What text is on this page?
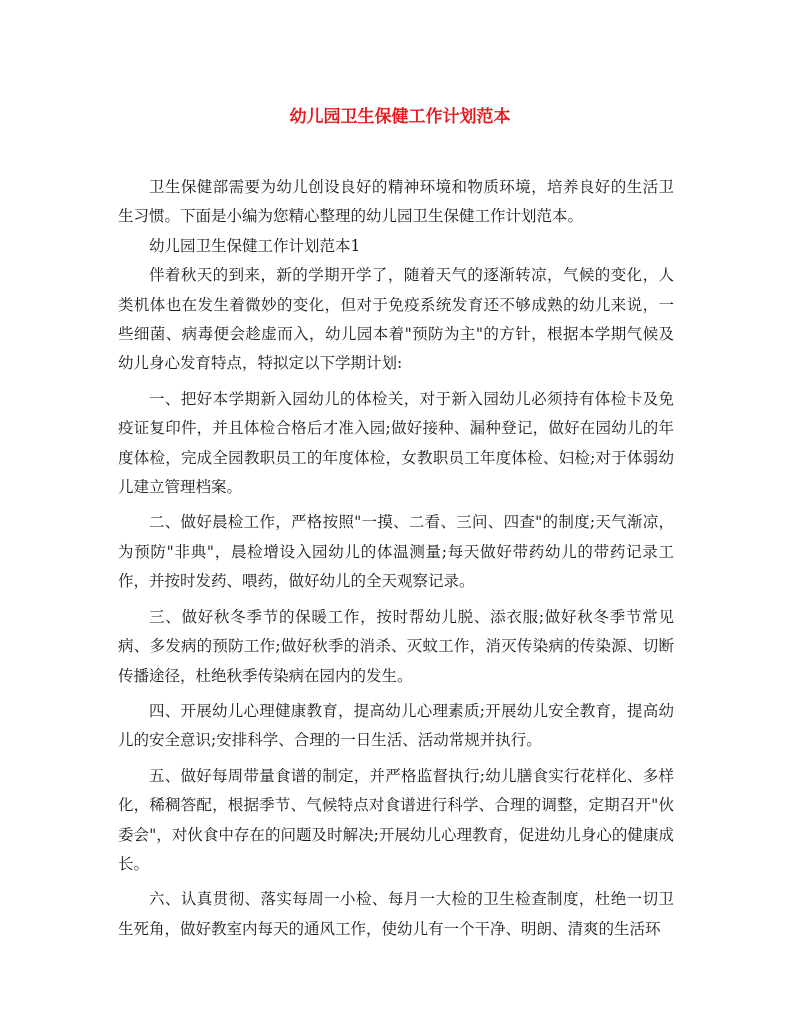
幼儿园卫生保健工作计划范本

卫生保健部需要为幼儿创设良好的精神环境和物质环境，培养良好的生活卫生习惯。下面是小编为您精心整理的幼儿园卫生保健工作计划范本。

幼儿园卫生保健工作计划范本1

伴着秋天的到来，新的学期开学了，随着天气的逐渐转凉，气候的变化，人类机体也在发生着微妙的变化，但对于免疫系统发育还不够成熟的幼儿来说，一些细菌、病毒便会趁虚而入，幼儿园本着"预防为主"的方针，根据本学期气候及幼儿身心发育特点，特拟定以下学期计划:

一、把好本学期新入园幼儿的体检关，对于新入园幼儿必须持有体检卡及免疫证复印件，并且体检合格后才准入园;做好接种、漏种登记，做好在园幼儿的年度体检，完成全园教职员工的年度体检，女教职员工年度体检、妇检;对于体弱幼儿建立管理档案。

二、做好晨检工作，严格按照"一摸、二看、三问、四查"的制度;天气渐凉，为预防"非典"，晨检增设入园幼儿的体温测量;每天做好带药幼儿的带药记录工作，并按时发药、喂药，做好幼儿的全天观察记录。

三、做好秋冬季节的保暖工作，按时帮幼儿脱、添衣服;做好秋冬季节常见病、多发病的预防工作;做好秋季的消杀、灭蚊工作，消灭传染病的传染源、切断传播途径，杜绝秋季传染病在园内的发生。

四、开展幼儿心理健康教育，提高幼儿心理素质;开展幼儿安全教育，提高幼儿的安全意识;安排科学、合理的一日生活、活动常规并执行。

五、做好每周带量食谱的制定，并严格监督执行;幼儿膳食实行花样化、多样化，稀稠答配，根据季节、气候特点对食谱进行科学、合理的调整，定期召开"伙委会"，对伙食中存在的问题及时解决;开展幼儿心理教育，促进幼儿身心的健康成长。

六、认真贯彻、落实每周一小检、每月一大检的卫生检查制度，杜绝一切卫生死角，做好教室内每天的通风工作，使幼儿有一个干净、明朗、清爽的生活环
